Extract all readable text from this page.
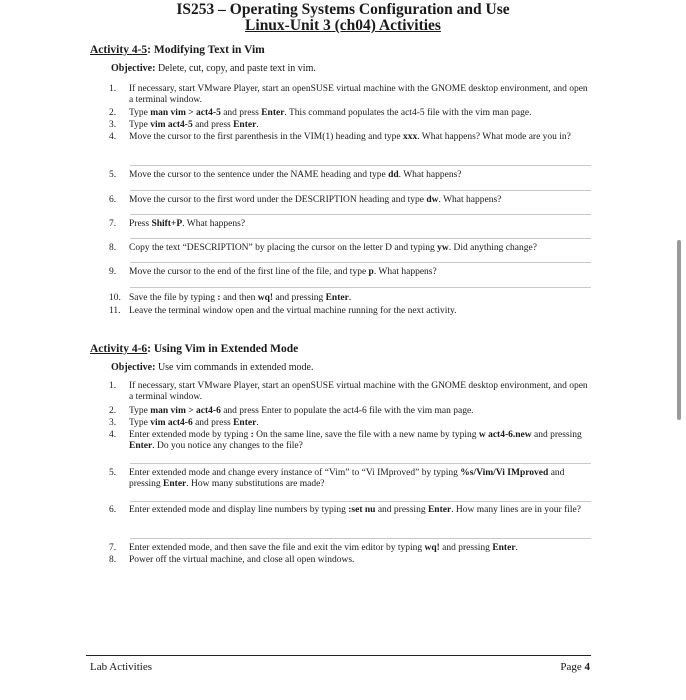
IS253 – Operating Systems Configuration and Use
Linux-Unit 3 (ch04) Activities
Activity 4-5: Modifying Text in Vim
Objective: Delete, cut, copy, and paste text in vim.
1.	If necessary, start VMware Player, start an openSUSE virtual machine with the GNOME desktop environment, and open a terminal window.
2.	Type man vim > act4-5 and press Enter. This command populates the act4-5 file with the vim man page.
3.	Type vim act4-5 and press Enter.
4.	Move the cursor to the first parenthesis in the VIM(1) heading and type xxx. What happens? What mode are you in?
5.	Move the cursor to the sentence under the NAME heading and type dd. What happens?
6.	Move the cursor to the first word under the DESCRIPTION heading and type dw. What happens?
7.	Press Shift+P. What happens?
8.	Copy the text “DESCRIPTION” by placing the cursor on the letter D and typing yw. Did anything change?
9.	Move the cursor to the end of the first line of the file, and type p. What happens?
10. Save the file by typing : and then wq! and pressing Enter.
11. Leave the terminal window open and the virtual machine running for the next activity.
Activity 4-6: Using Vim in Extended Mode
Objective: Use vim commands in extended mode.
1.	If necessary, start VMware Player, start an openSUSE virtual machine with the GNOME desktop environment, and open a terminal window.
2.	Type man vim > act4-6 and press Enter to populate the act4-6 file with the vim man page.
3.	Type vim act4-6 and press Enter.
4.	Enter extended mode by typing : On the same line, save the file with a new name by typing w act4-6.new and pressing Enter. Do you notice any changes to the file?
5.	Enter extended mode and change every instance of “Vim” to “Vi IMproved” by typing %s/Vim/Vi IMproved and pressing Enter. How many substitutions are made?
6.	Enter extended mode and display line numbers by typing :set nu and pressing Enter. How many lines are in your file?
7.	Enter extended mode, and then save the file and exit the vim editor by typing wq! and pressing Enter.
8.	Power off the virtual machine, and close all open windows.
Lab Activities	Page 4
